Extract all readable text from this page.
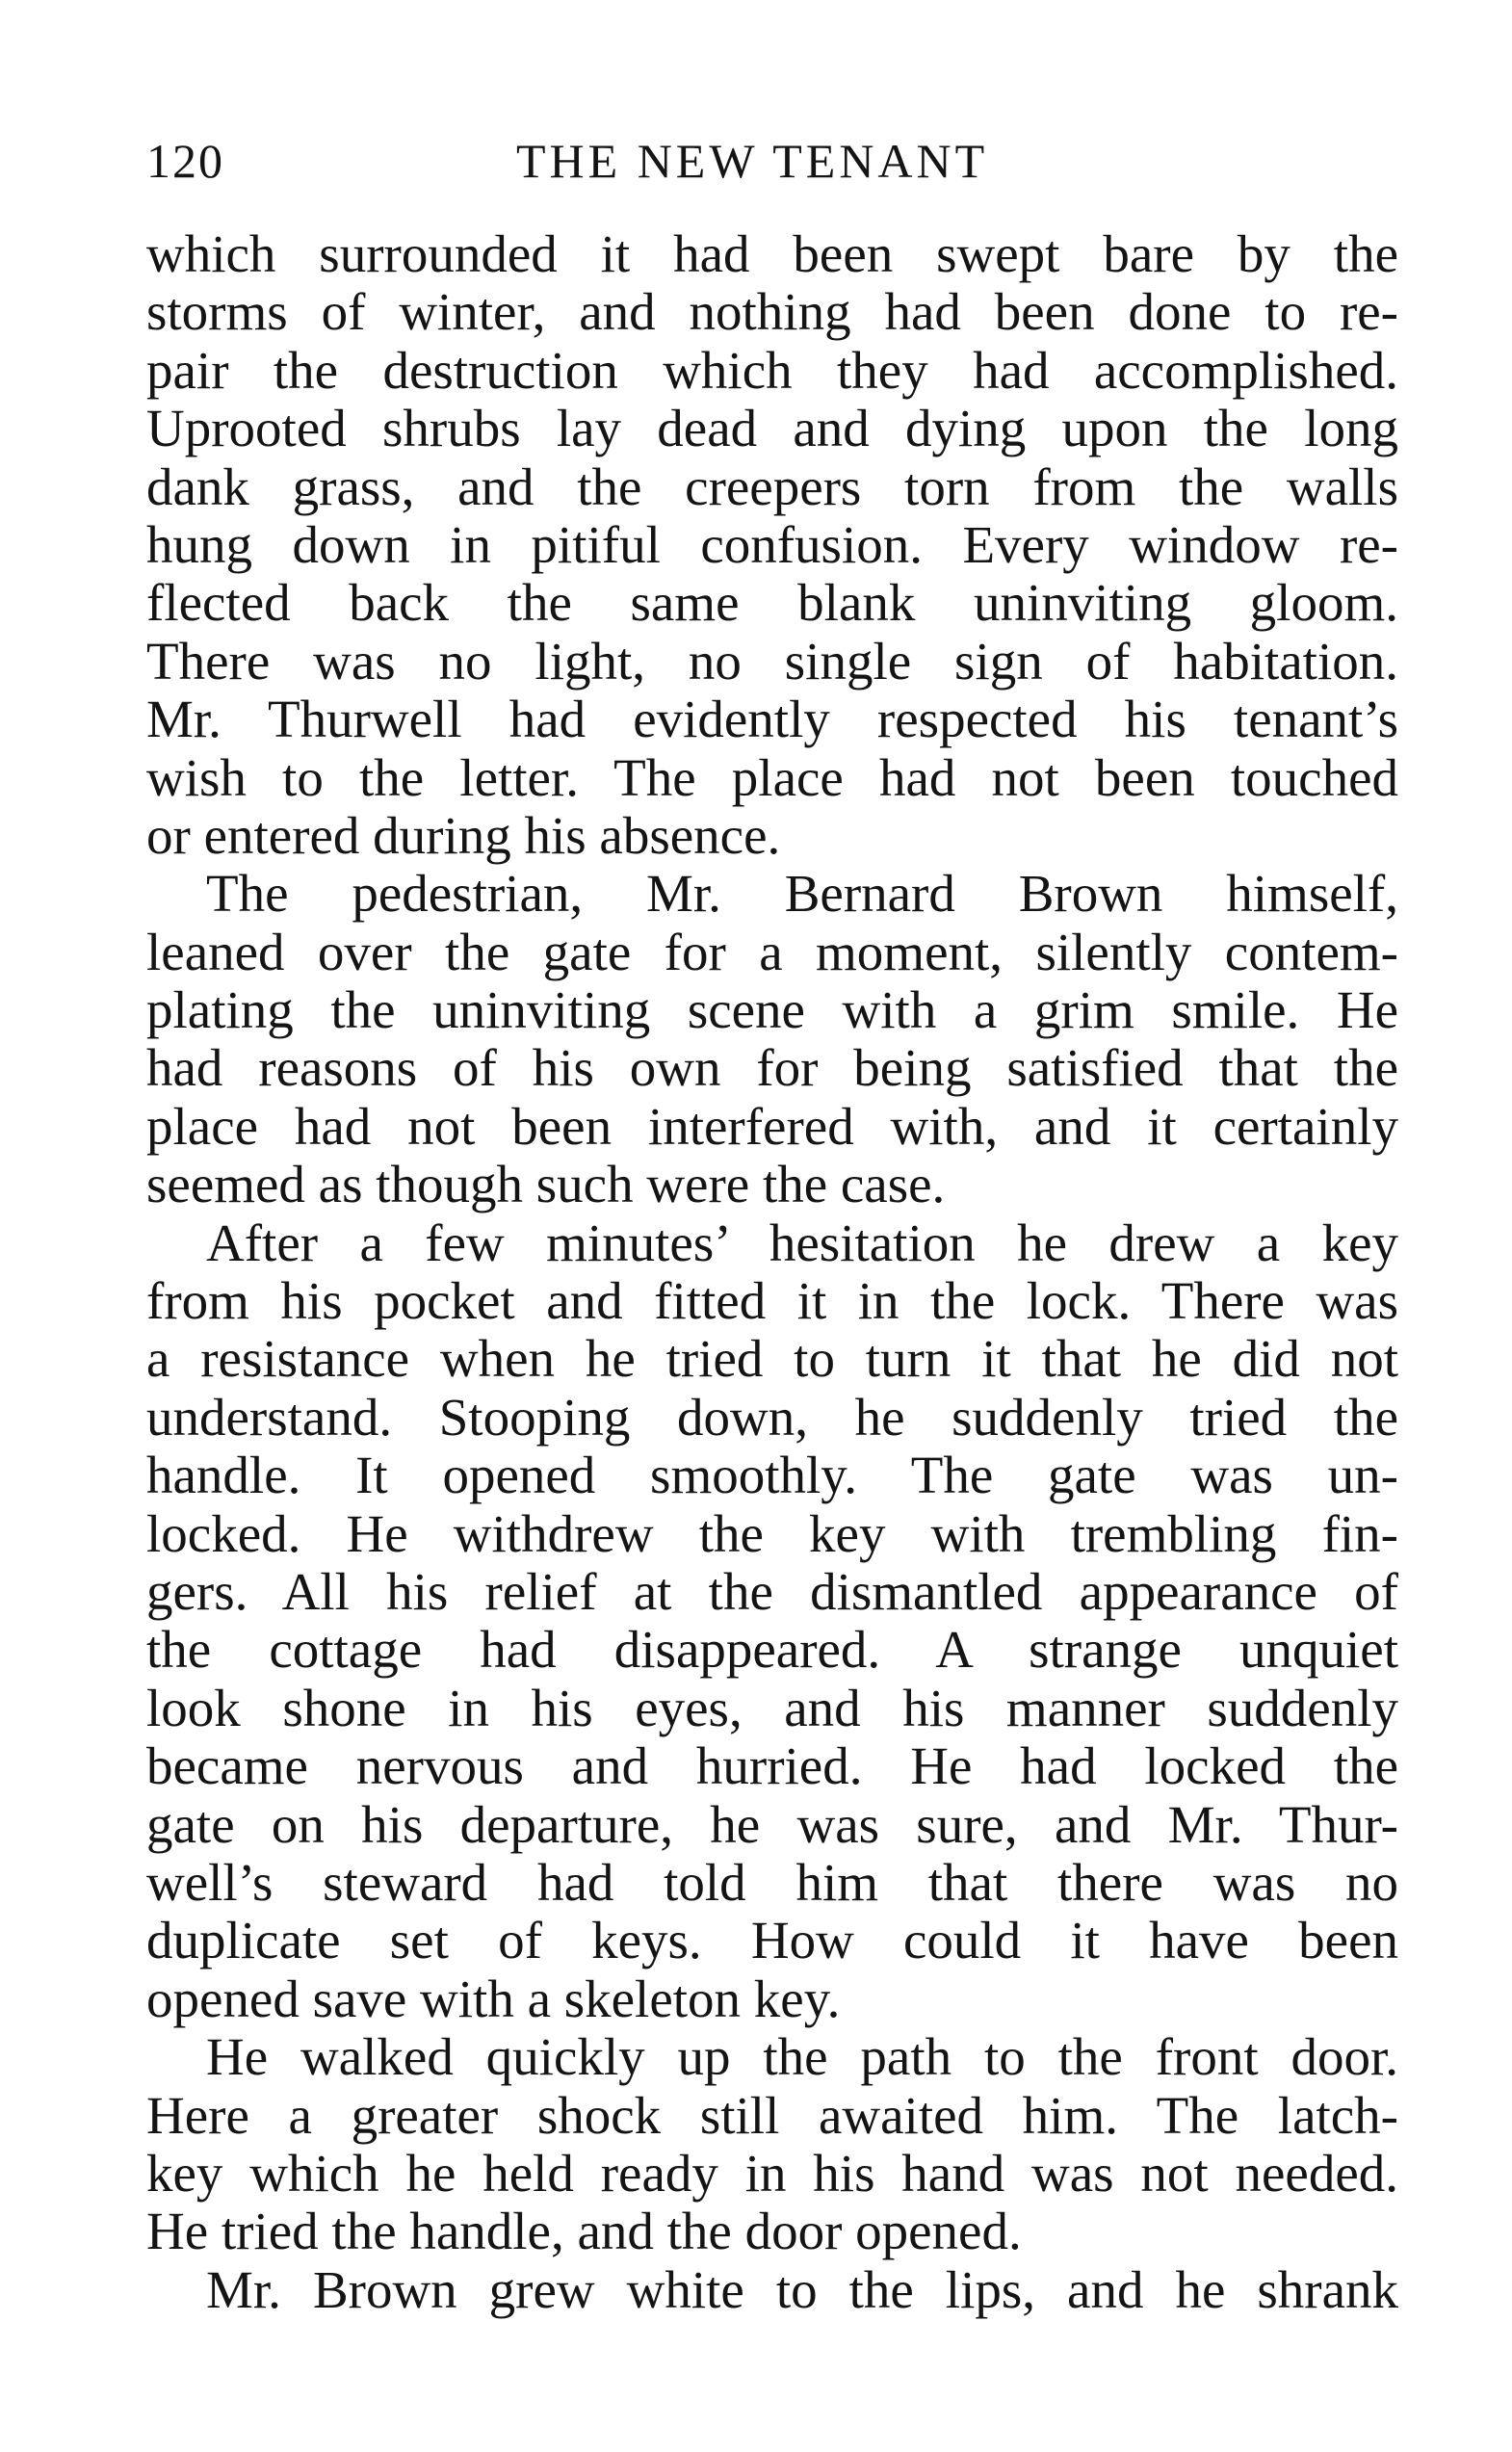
120	THE NEW TENANT
which surrounded it had been swept bare by the
storms of winter, and nothing had been done to re-
pair the destruction which they had accomplished.
Uprooted shrubs lay dead and dying upon the long
dank grass, and the creepers torn from the walls
hung down in pitiful confusion. Every window re-
flected back the same blank uninviting gloom.
There was no light, no single sign of habitation.
Mr. Thurwell had evidently respected his tenant’s
wish to the letter. The place had not been touched
or entered during his absence.
The pedestrian, Mr. Bernard Brown himself,
leaned over the gate for a moment, silently contem-
plating the uninviting scene with a grim smile. He
had reasons of his own for being satisfied that the
place had not been interfered with, and it certainly
seemed as though such were the case.
After a few minutes’ hesitation he drew a key
from his pocket and fitted it in the lock. There was
a resistance when he tried to turn it that he did not
understand. Stooping down, he suddenly tried the
handle. It opened smoothly. The gate was un-
locked. He withdrew the key with trembling fin-
gers. All his relief at the dismantled appearance of
the cottage had disappeared. A strange unquiet
look shone in his eyes, and his manner suddenly
became nervous and hurried. He had locked the
gate on his departure, he was sure, and Mr. Thur-
well’s steward had told him that there was no
duplicate set of keys. How could it have been
opened save with a skeleton key.
He walked quickly up the path to the front door.
Here a greater shock still awaited him. The latch-
key which he held ready in his hand was not needed.
He tried the handle, and the door opened.
Mr. Brown grew white to the lips, and he shrank
